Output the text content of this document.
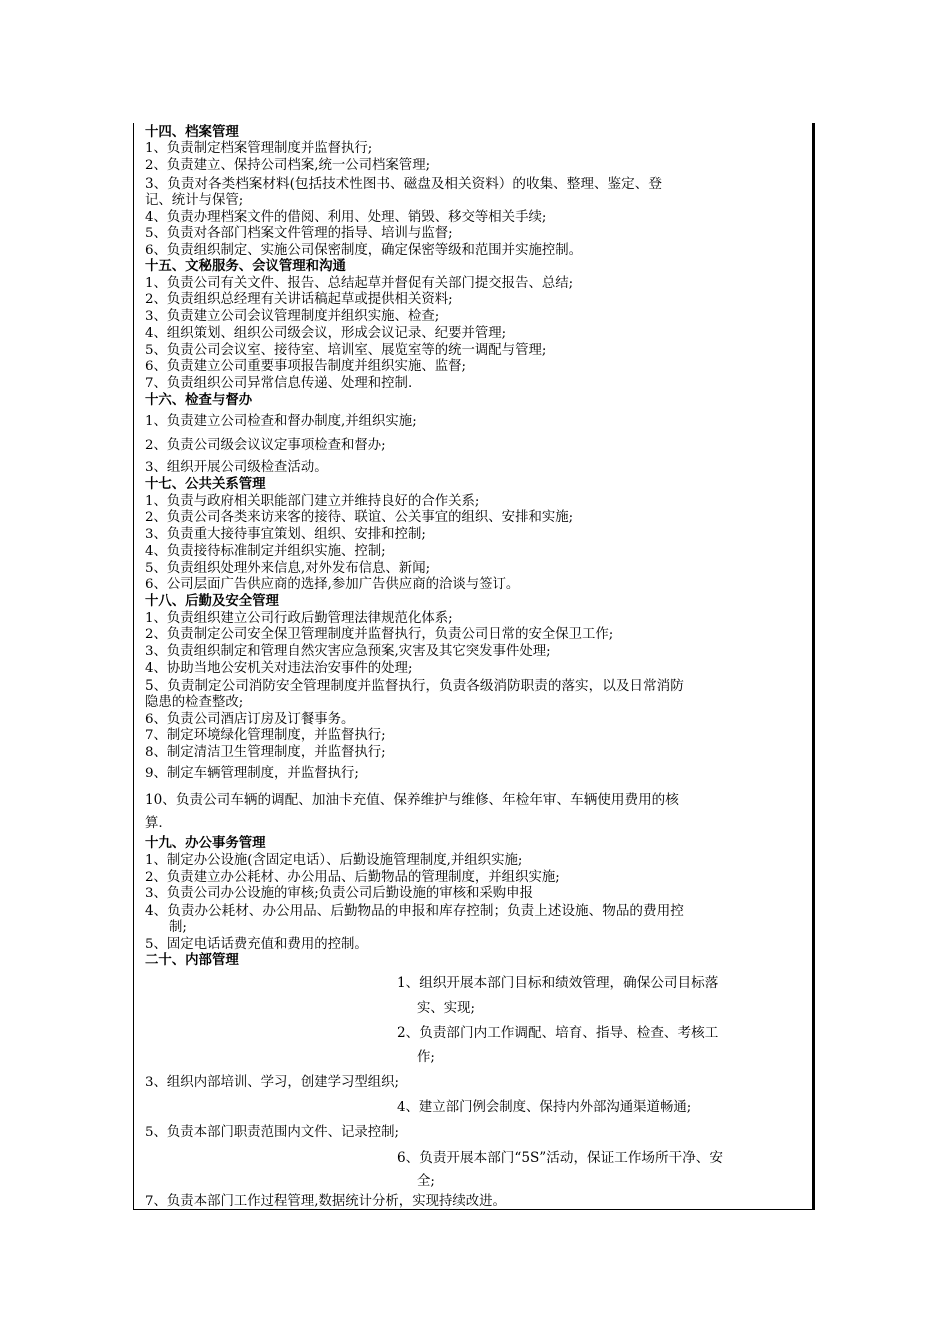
十四、档案管理
1、负责制定档案管理制度并监督执行;
2、负责建立、保持公司档案,统一公司档案管理;
3、负责对各类档案材料(包括技术性图书、磁盘及相关资料）的收集、整理、鉴定、登
记、统计与保管;
4、负责办理档案文件的借阅、利用、处理、销毁、移交等相关手续;
5、负责对各部门档案文件管理的指导、培训与监督;
6、负责组织制定、实施公司保密制度，确定保密等级和范围并实施控制。
十五、文秘服务、会议管理和沟通
1、负责公司有关文件、报告、总结起草并督促有关部门提交报告、总结;
2、负责组织总经理有关讲话稿起草或提供相关资料;
3、负责建立公司会议管理制度并组织实施、检查;
4、组织策划、组织公司级会议，形成会议记录、纪要并管理;
5、负责公司会议室、接待室、培训室、展览室等的统一调配与管理;
6、负责建立公司重要事项报告制度并组织实施、监督;
7、负责组织公司异常信息传递、处理和控制.
十六、检查与督办
1、负责建立公司检查和督办制度,并组织实施;
2、负责公司级会议议定事项检查和督办;
3、组织开展公司级检查活动。
十七、公共关系管理
1、负责与政府相关职能部门建立并维持良好的合作关系;
2、负责公司各类来访来客的接待、联谊、公关事宜的组织、安排和实施;
3、负责重大接待事宜策划、组织、安排和控制;
4、负责接待标准制定并组织实施、控制;
5、负责组织处理外来信息,对外发布信息、新闻;
6、公司层面广告供应商的选择,参加广告供应商的洽谈与签订。
十八、后勤及安全管理
1、负责组织建立公司行政后勤管理法律规范化体系;
2、负责制定公司安全保卫管理制度并监督执行，负责公司日常的安全保卫工作;
3、负责组织制定和管理自然灾害应急预案,灾害及其它突发事件处理;
4、协助当地公安机关对违法治安事件的处理;
5、负责制定公司消防安全管理制度并监督执行，负责各级消防职责的落实，以及日常消防
隐患的检查整改;
6、负责公司酒店订房及订餐事务。
7、制定环境绿化管理制度，并监督执行;
8、制定清洁卫生管理制度，并监督执行;
9、制定车辆管理制度，并监督执行;
10、负责公司车辆的调配、加油卡充值、保养维护与维修、年检年审、车辆使用费用的核
算.
十九、办公事务管理
1、制定办公设施(含固定电话）、后勤设施管理制度,并组织实施;
2、负责建立办公耗材、办公用品、后勤物品的管理制度，并组织实施;
3、负责公司办公设施的审核;负责公司后勤设施的审核和采购申报
4、负责办公耗材、办公用品、后勤物品的申报和库存控制；负责上述设施、物品的费用控
制;
5、固定电话话费充值和费用的控制。
二十、内部管理
1、组织开展本部门目标和绩效管理，确保公司目标落
实、实现;
2、负责部门内工作调配、培育、指导、检查、考核工
作;
3、组织内部培训、学习，创建学习型组织;
4、建立部门例会制度、保持内外部沟通渠道畅通;
5、负责本部门职责范围内文件、记录控制;
6、负责开展本部门“5S”活动，保证工作场所干净、安
全;
7、负责本部门工作过程管理,数据统计分析，实现持续改进。
